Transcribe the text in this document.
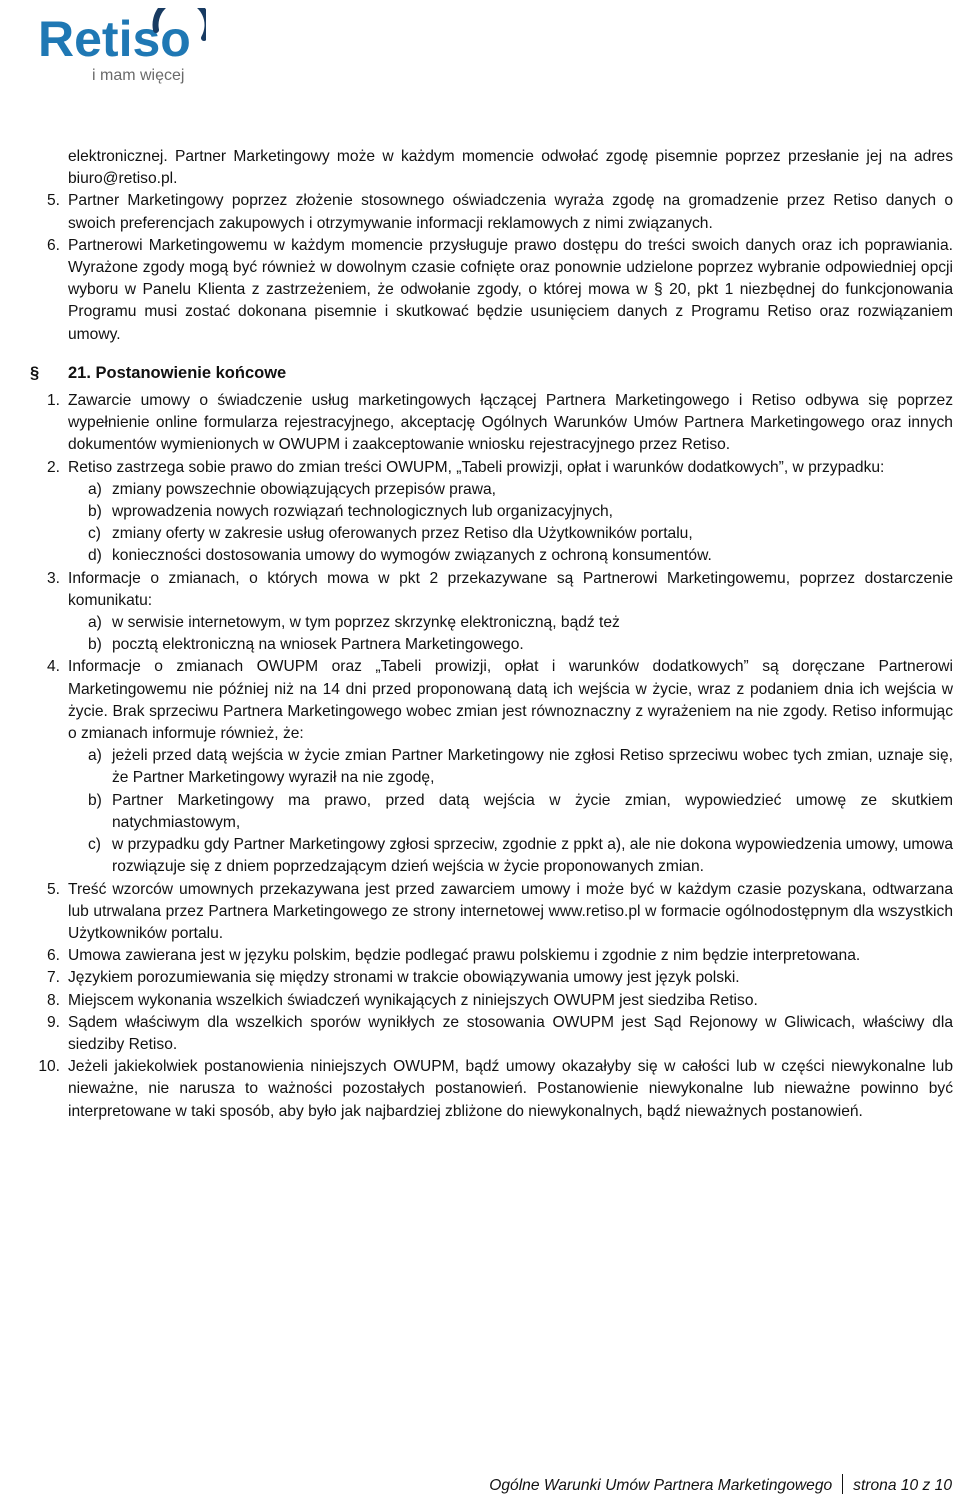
Retiso
i mam więcej

elektronicznej. Partner Marketingowy może w każdym momencie odwołać zgodę pisemnie poprzez przesłanie jej na adres biuro@retiso.pl.

5. Partner Marketingowy poprzez złożenie stosownego oświadczenia wyraża zgodę na gromadzenie przez Retiso danych o swoich preferencjach zakupowych i otrzymywanie informacji reklamowych z nimi związanych.

6. Partnerowi Marketingowemu w każdym momencie przysługuje prawo dostępu do treści swoich danych oraz ich poprawiania. Wyrażone zgody mogą być również w dowolnym czasie cofnięte oraz ponownie udzielone poprzez wybranie odpowiedniej opcji wyboru w Panelu Klienta z zastrzeżeniem, że odwołanie zgody, o której mowa w § 20, pkt 1 niezbędnej do funkcjonowania Programu musi zostać dokonana pisemnie i skutkować będzie usunięciem danych z Programu Retiso oraz rozwiązaniem umowy.

§ 21. Postanowienie końcowe
1. Zawarcie umowy o świadczenie usług marketingowych łączącej Partnera Marketingowego i Retiso odbywa się poprzez wypełnienie online formularza rejestracyjnego, akceptację Ogólnych Warunków Umów Partnera Marketingowego oraz innych dokumentów wymienionych w OWUPM i zaakceptowanie wniosku rejestracyjnego przez Retiso.

2. Retiso zastrzega sobie prawo do zmian treści OWUPM, „Tabeli prowizji, opłat i warunków dodatkowych”, w przypadku:

a) zmiany powszechnie obowiązujących przepisów prawa,

b) wprowadzenia nowych rozwiązań technologicznych lub organizacyjnych,

c) zmiany oferty w zakresie usług oferowanych przez Retiso dla Użytkowników portalu,

d) konieczności dostosowania umowy do wymogów związanych z ochroną konsumentów.

3. Informacje o zmianach, o których mowa w pkt 2 przekazywane są Partnerowi Marketingowemu, poprzez dostarczenie komunikatu:

a) w serwisie internetowym, w tym poprzez skrzynkę elektroniczną, bądź też

b) pocztą elektroniczną na wniosek Partnera Marketingowego.

4. Informacje o zmianach OWUPM oraz „Tabeli prowizji, opłat i warunków dodatkowych” są doręczane Partnerowi Marketingowemu nie później niż na 14 dni przed proponowaną datą ich wejścia w życie, wraz z podaniem dnia ich wejścia w życie. Brak sprzeciwu Partnera Marketingowego wobec zmian jest równoznaczny z wyrażeniem na nie zgody. Retiso informując o zmianach informuje również, że:

a) jeżeli przed datą wejścia w życie zmian Partner Marketingowy nie zgłosi Retiso sprzeciwu wobec tych zmian, uznaje się, że Partner Marketingowy wyraził na nie zgodę,

b) Partner Marketingowy ma prawo, przed datą wejścia w życie zmian, wypowiedzieć umowę ze skutkiem natychmiastowym,

c) w przypadku gdy Partner Marketingowy zgłosi sprzeciw, zgodnie z ppkt a), ale nie dokona wypowiedzenia umowy, umowa rozwiązuje się z dniem poprzedzającym dzień wejścia w życie proponowanych zmian.

5. Treść wzorców umownych przekazywana jest przed zawarciem umowy i może być w każdym czasie pozyskana, odtwarzana lub utrwalana przez Partnera Marketingowego ze strony internetowej www.retiso.pl w formacie ogólnodostępnym dla wszystkich Użytkowników portalu.

6. Umowa zawierana jest w języku polskim, będzie podlegać prawu polskiemu i zgodnie z nim będzie interpretowana.

7. Językiem porozumiewania się między stronami w trakcie obowiązywania umowy jest język polski.

8. Miejscem wykonania wszelkich świadczeń wynikających z niniejszych OWUPM jest siedziba Retiso.

9. Sądem właściwym dla wszelkich sporów wynikłych ze stosowania OWUPM jest Sąd Rejonowy w Gliwicach, właściwy dla siedziby Retiso.

10. Jeżeli jakiekolwiek postanowienia niniejszych OWUPM, bądź umowy okazałyby się w całości lub w części niewykonalne lub nieważne, nie narusza to ważności pozostałych postanowień. Postanowienie niewykonalne lub nieważne powinno być interpretowane w taki sposób, aby było jak najbardziej zbliżone do niewykonalnych, bądź nieważnych postanowień.

Ogólne Warunki Umów Partnera Marketingowego strona 10 z 10
